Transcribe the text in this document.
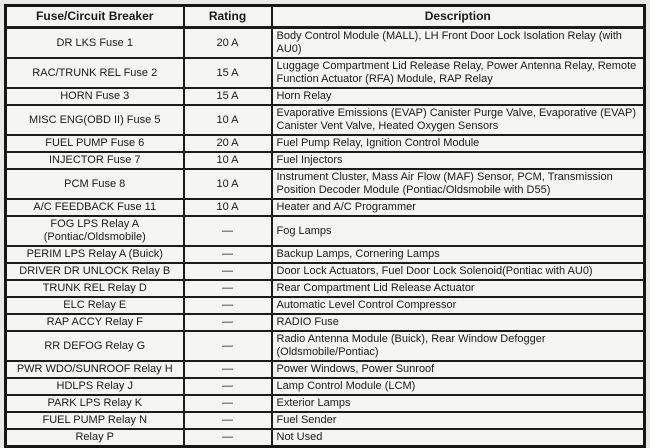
Fuse/Circuit Breaker	Rating	Description
DR LKS Fuse 1	20 A	Body Control Module (MALL), LH Front Door Lock Isolation Relay (with AU0)
RAC/TRUNK REL Fuse 2	15 A	Luggage Compartment Lid Release Relay, Power Antenna Relay, Remote Function Actuator (RFA) Module, RAP Relay
HORN Fuse 3	15 A	Horn Relay
MISC ENG(OBD II) Fuse 5	10 A	Evaporative Emissions (EVAP) Canister Purge Valve, Evaporative (EVAP) Canister Vent Valve, Heated Oxygen Sensors
FUEL PUMP Fuse 6	20 A	Fuel Pump Relay, Ignition Control Module
INJECTOR Fuse 7	10 A	Fuel Injectors
PCM Fuse 8	10 A	Instrument Cluster, Mass Air Flow (MAF) Sensor, PCM, Transmission Position Decoder Module (Pontiac/Oldsmobile with D55)
A/C FEEDBACK Fuse 11	10 A	Heater and A/C Programmer
FOG LPS Relay A (Pontiac/Oldsmobile)	—	Fog Lamps
PERIM LPS Relay A (Buick)	—	Backup Lamps, Cornering Lamps
DRIVER DR UNLOCK Relay B	—	Door Lock Actuators, Fuel Door Lock Solenoid(Pontiac with AU0)
TRUNK REL Relay D	—	Rear Compartment Lid Release Actuator
ELC Relay E	—	Automatic Level Control Compressor
RAP ACCY Relay F	—	RADIO Fuse
RR DEFOG Relay G	—	Radio Antenna Module (Buick), Rear Window Defogger (Oldsmobile/Pontiac)
PWR WDO/SUNROOF Relay H	—	Power Windows, Power Sunroof
HDLPS Relay J	—	Lamp Control Module (LCM)
PARK LPS Relay K	—	Exterior Lamps
FUEL PUMP Relay N	—	Fuel Sender
Relay P	—	Not Used
